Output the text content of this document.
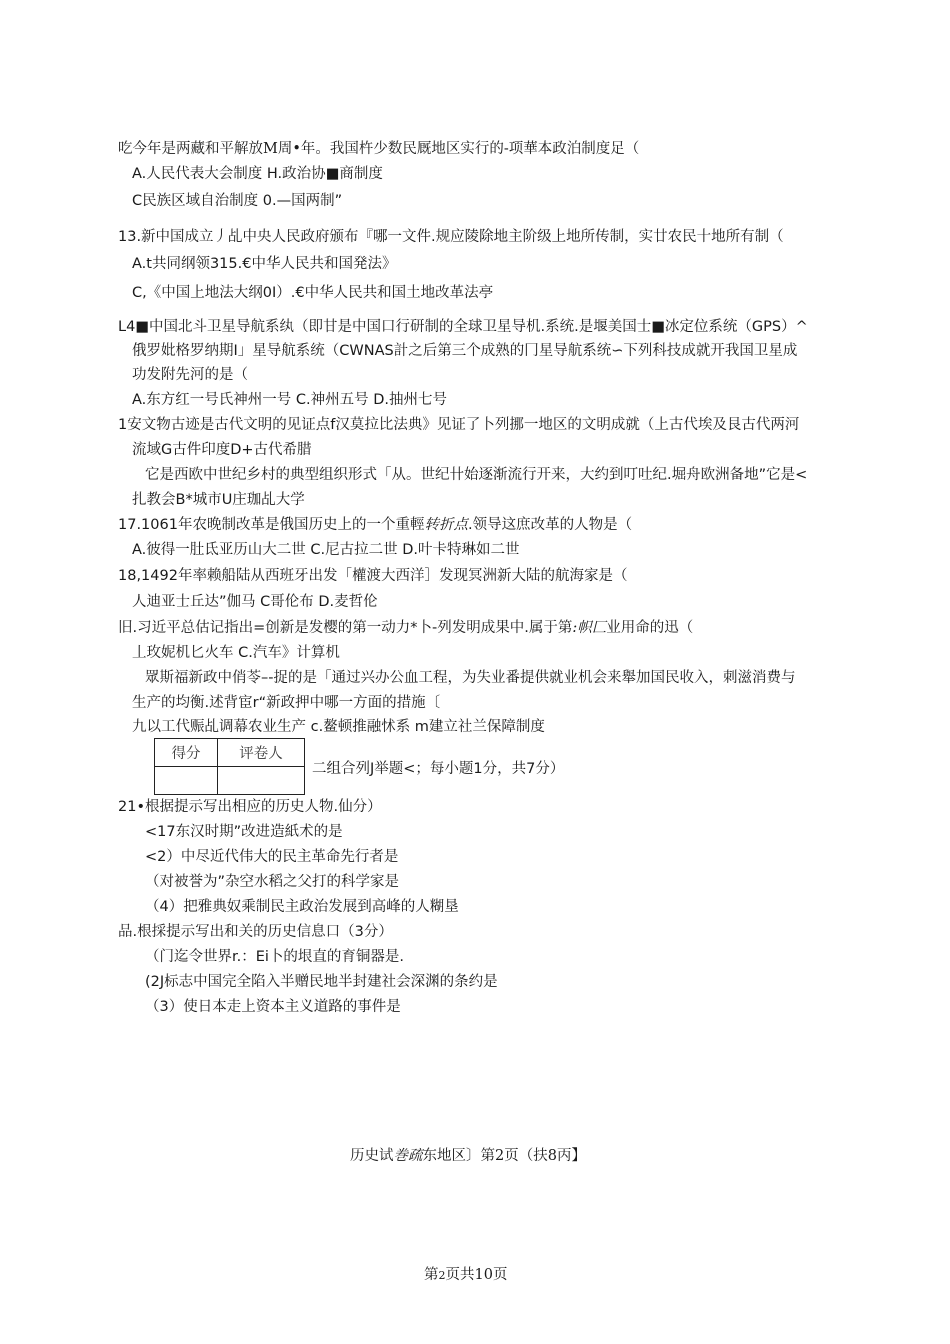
吃今年是两藏和平解放M周•年。我国杵少数民厩地区实行的-项華本政泊制度足（
A.人民代表大会制度 H.政治协■商制度
C民族区域自治制度 0.—国两制”
13.新中国成立丿乩中央人民政府颁布『哪一文件.规应陵除地主阶级上地所传制，实廿农民十地所有制（
A.t共同纲领315.€中华人民共和国発法》
C,《中国上地法大纲0I）.€中华人民共和国土地改革法亭
L4■中国北斗卫星导航系纨（即甘是中国口行研制的全球卫星导机.系统.是堰美国士■冰定位系统（GPS）^
俄罗妣格罗纳期I」星导航系统（CWNAS計之后第三个成熟的冂星导航系统∽下列科技成就开我国卫星成
功发附先河的是（
A.东方红一号氏神州一号 C.神州五号 D.抽州七号
1安文物古迹是古代文明的见证点f汉莫拉比法典》见证了卜列挪一地区的文明成就（上古代埃及艮古代两河
流域G古件印度D+古代希腊
它是西欧中世纪乡村的典型组织形式「从。世纪卄始逐渐流行开来，大约到叮吐纪.堀舟欧洲备地”它是<
扎教会B*城市U庄珈乩大学
17.1061年农晚制改革是俄国历史上的一个重輕转折点.领导这庶改革的人物是（
A.彼得一肚氐亚历山大二世 C.尼古拉二世 D.叶卡特琳如二世
18,1492年率赖船陆从西班牙出发「權渡大西洋］发现冥洲新大陆的航海家是（
人迪亚士丘达”伽马 C哥伦布 D.麦哲伦
旧.习近平总估记指出=创新是发樱的第一动力*卜-列发明成果中.属于第:帜匚业用命的迅（
丄玫妮机匕火车 C.汽车》计算机
眾斯福新政中俏苓–-捉的是「通过兴办公血工程，为失业番提供就业机会来舉加国民收入，刺滋消费与
生产的均衡.述背宦r“新政押中哪一方面的措施〔
九以工代赈乩调幕农业生产 c.鳌顿推融怵系 m建立社兰保障制度
得分	评卷人

二组合列J举题<；每小题1分，共7分）
21•根据提示写出相应的历史人物.仙分）
<17东汉时期”改进造紙术的是
<2）中尽近代伟大的民主革命先行者是
（对被誉为”杂空水稻之父打的科学家是
（4）把雅典奴乘制民主政治发展到高峰的人糊垦
品.根採提示写出和关的历史信息口（3分）
（门迄令世界r.：Ei卜的垠直的育铜器是.
(2J标志中国完全陷入半赠民地半封建社会深渊的条约是
（3）使日本走上资本主义道路的事件是
历史试巻疏东地区〕第2页（扶8丙】
第2页共10页
